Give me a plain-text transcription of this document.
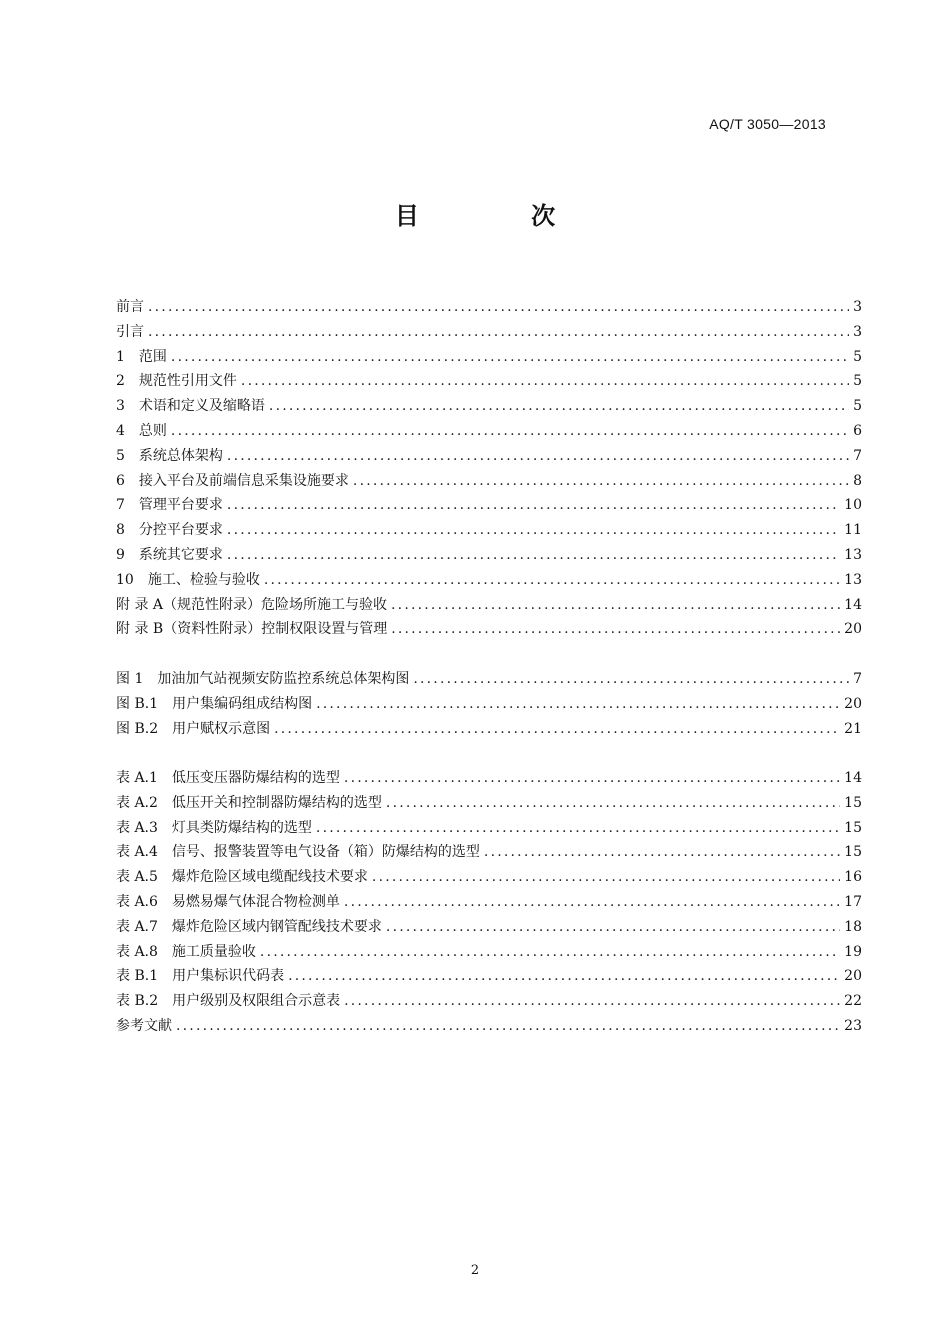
AQ/T 3050—2013
目 次
前言 .....	3
引言 .....	3
1 范围 .....	5
2 规范性引用文件 .....	5
3 术语和定义及缩略语 .....	5
4 总则 .....	6
5 系统总体架构 .....	7
6 接入平台及前端信息采集设施要求 .....	8
7 管理平台要求 .....	10
8 分控平台要求 .....	11
9 系统其它要求 .....	13
10 施工、检验与验收 .....	13
附 录 A（规范性附录）危险场所施工与验收 .....	14
附 录 B（资料性附录）控制权限设置与管理 .....	20
图 1 加油加气站视频安防监控系统总体架构图 .....	7
图 B.1 用户集编码组成结构图 .....	20
图 B.2 用户赋权示意图 .....	21
表 A.1 低压变压器防爆结构的选型 .....	14
表 A.2 低压开关和控制器防爆结构的选型 .....	15
表 A.3 灯具类防爆结构的选型 .....	15
表 A.4 信号、报警装置等电气设备（箱）防爆结构的选型 .....	15
表 A.5 爆炸危险区域电缆配线技术要求 .....	16
表 A.6 易燃易爆气体混合物检测单 .....	17
表 A.7 爆炸危险区域内钢管配线技术要求 .....	18
表 A.8 施工质量验收 .....	19
表 B.1 用户集标识代码表 .....	20
表 B.2 用户级别及权限组合示意表 .....	22
参考文献 .....	23
2
